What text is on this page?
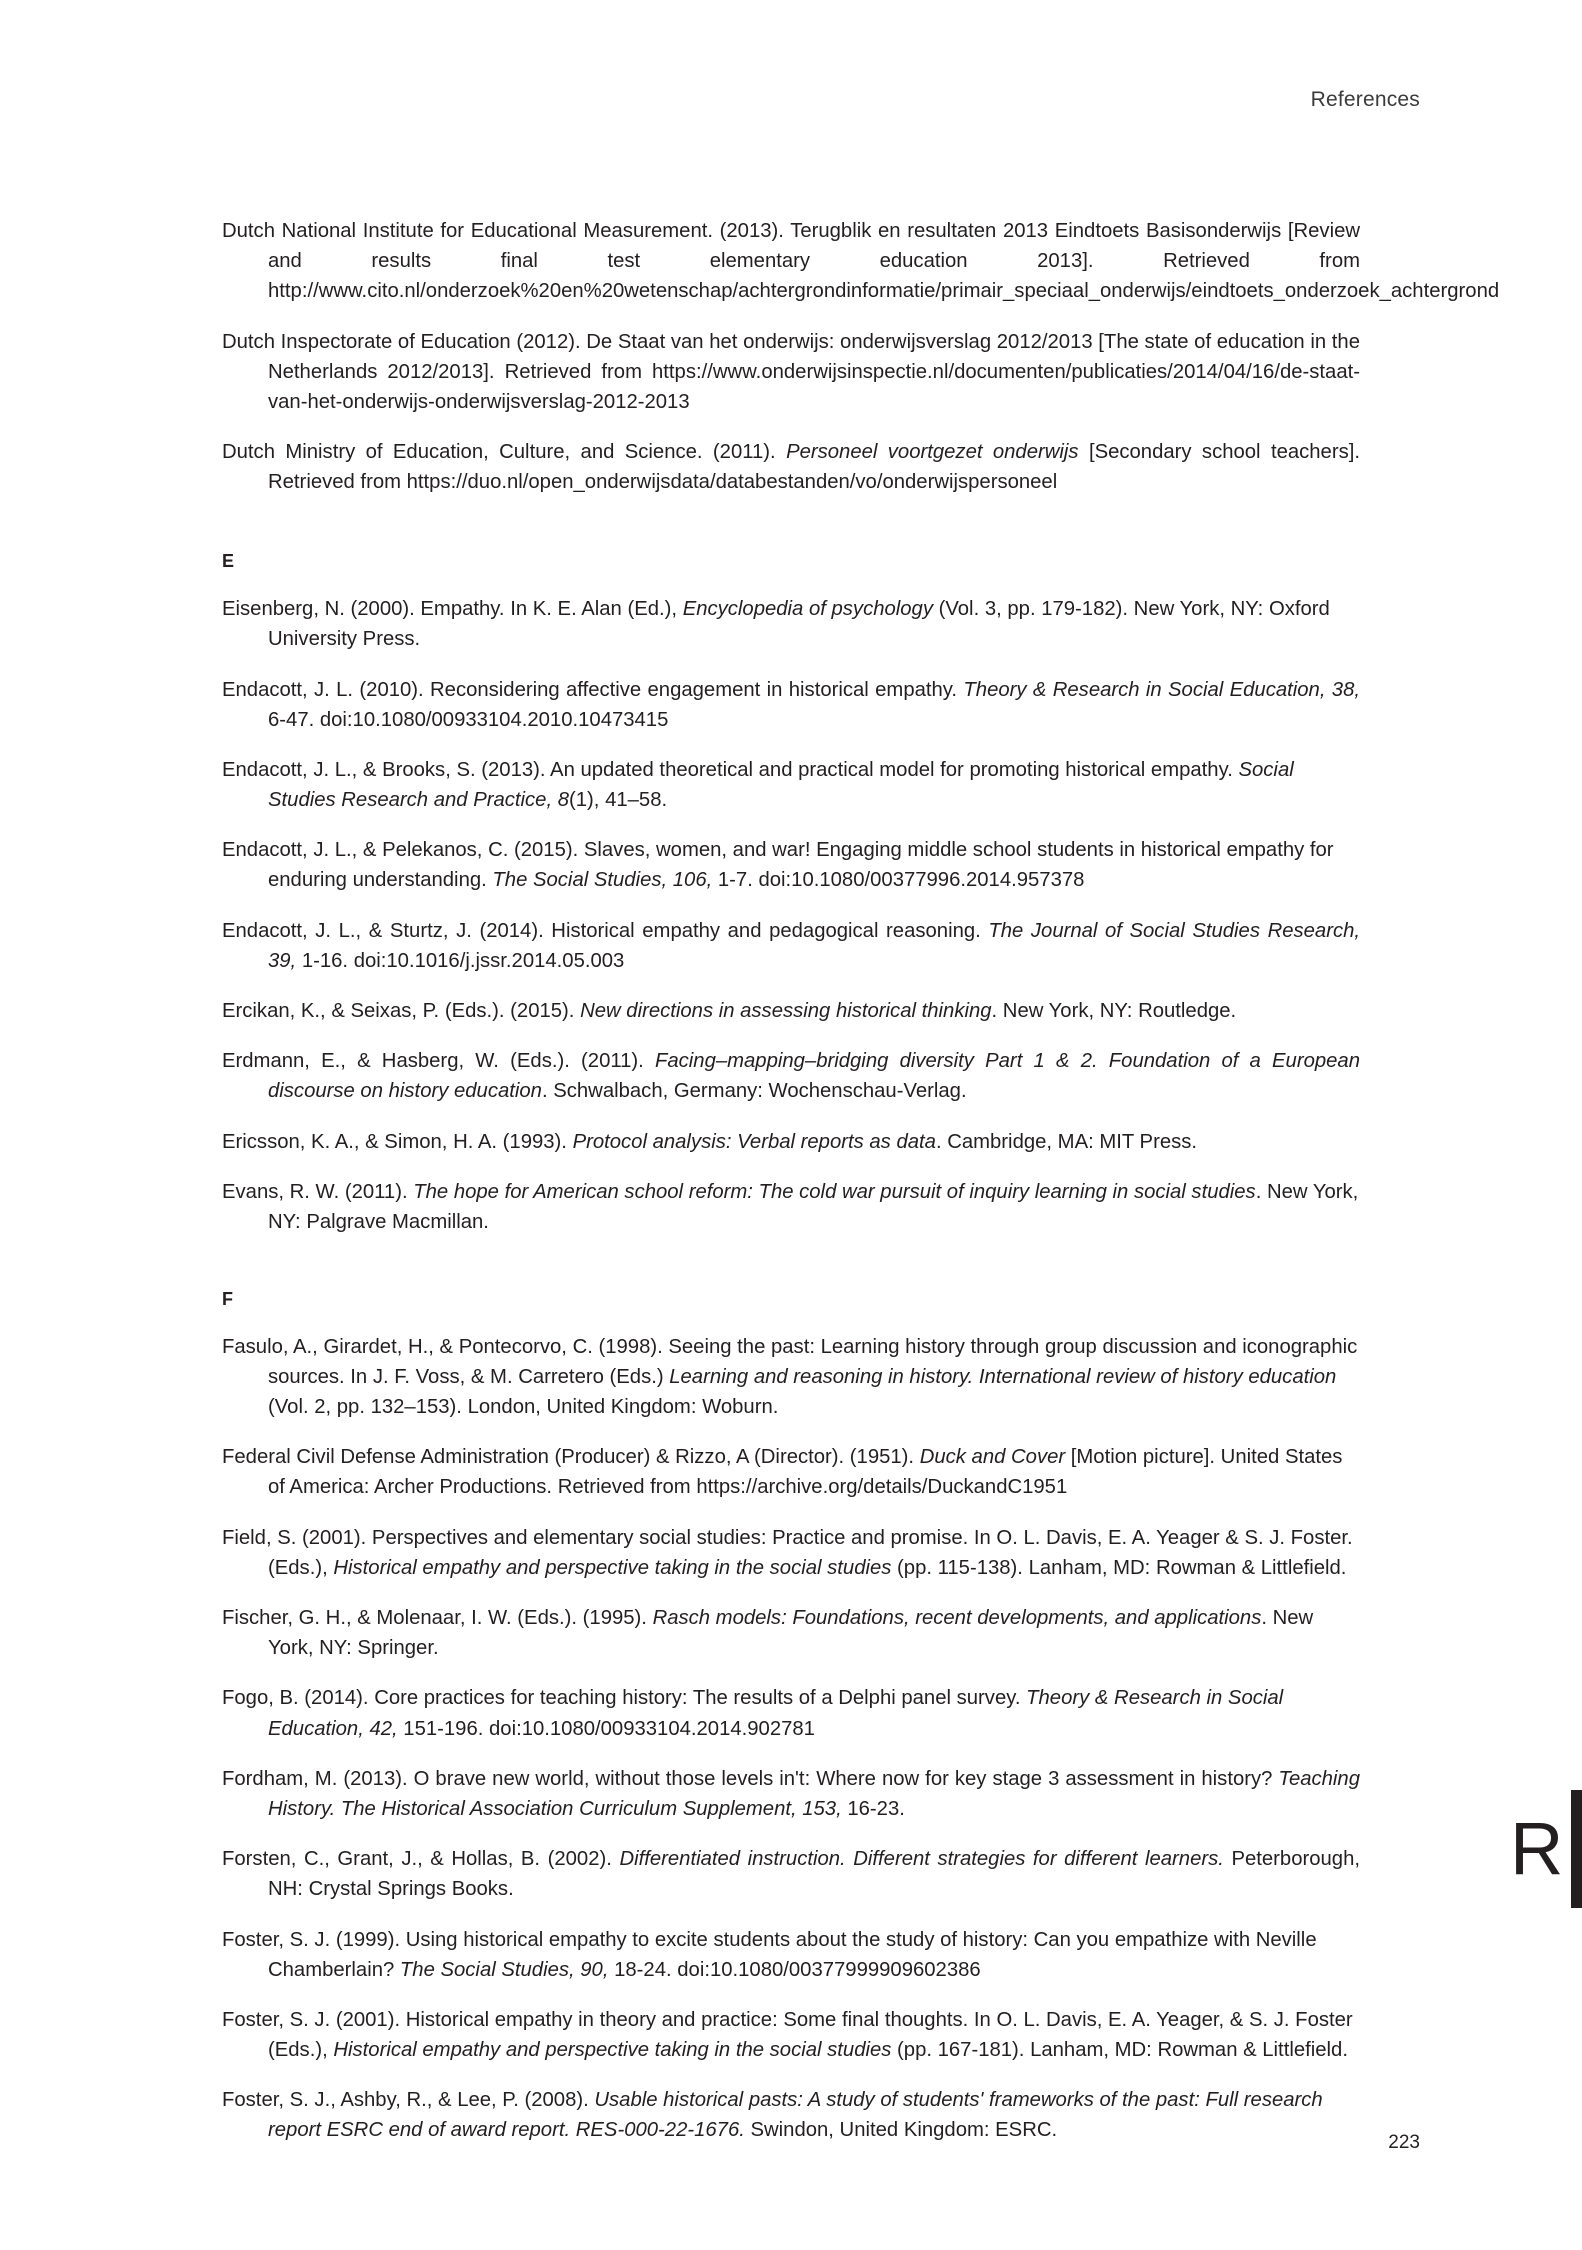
References

Dutch National Institute for Educational Measurement. (2013). Terugblik en resultaten 2013 Eindtoets Basisonderwijs [Review and results final test elementary education 2013]. Retrieved from http://www.cito.nl/onderzoek%20en%20wetenschap/achtergrondinformatie/primair_speciaal_onderwijs/eindtoets_onderzoek_achtergrond

Dutch Inspectorate of Education (2012). De Staat van het onderwijs: onderwijsverslag 2012/2013 [The state of education in the Netherlands 2012/2013]. Retrieved from https://www.onderwijsinspectie.nl/documenten/publicaties/2014/04/16/de-staat-van-het-onderwijs-onderwijsverslag-2012-2013

Dutch Ministry of Education, Culture, and Science. (2011). Personeel voortgezet onderwijs [Secondary school teachers]. Retrieved from https://duo.nl/open_onderwijsdata/databestanden/vo/onderwijspersoneel

E

Eisenberg, N. (2000). Empathy. In K. E. Alan (Ed.), Encyclopedia of psychology (Vol. 3, pp. 179-182). New York, NY: Oxford University Press.

Endacott, J. L. (2010). Reconsidering affective engagement in historical empathy. Theory & Research in Social Education, 38, 6-47. doi:10.1080/00933104.2010.10473415

Endacott, J. L., & Brooks, S. (2013). An updated theoretical and practical model for promoting historical empathy. Social Studies Research and Practice, 8(1), 41–58.

Endacott, J. L., & Pelekanos, C. (2015). Slaves, women, and war! Engaging middle school students in historical empathy for enduring understanding. The Social Studies, 106, 1-7. doi:10.1080/00377996.2014.957378

Endacott, J. L., & Sturtz, J. (2014). Historical empathy and pedagogical reasoning. The Journal of Social Studies Research, 39, 1-16. doi:10.1016/j.jssr.2014.05.003

Ercikan, K., & Seixas, P. (Eds.). (2015). New directions in assessing historical thinking. New York, NY: Routledge.

Erdmann, E., & Hasberg, W. (Eds.). (2011). Facing–mapping–bridging diversity Part 1 & 2. Foundation of a European discourse on history education. Schwalbach, Germany: Wochenschau-Verlag.

Ericsson, K. A., & Simon, H. A. (1993). Protocol analysis: Verbal reports as data. Cambridge, MA: MIT Press.

Evans, R. W. (2011). The hope for American school reform: The cold war pursuit of inquiry learning in social studies. New York, NY: Palgrave Macmillan.

F

Fasulo, A., Girardet, H., & Pontecorvo, C. (1998). Seeing the past: Learning history through group discussion and iconographic sources. In J. F. Voss, & M. Carretero (Eds.) Learning and reasoning in history. International review of history education (Vol. 2, pp. 132–153). London, United Kingdom: Woburn.

Federal Civil Defense Administration (Producer) & Rizzo, A (Director). (1951). Duck and Cover [Motion picture]. United States of America: Archer Productions. Retrieved from https://archive.org/details/DuckandC1951

Field, S. (2001). Perspectives and elementary social studies: Practice and promise. In O. L. Davis, E. A. Yeager & S. J. Foster. (Eds.), Historical empathy and perspective taking in the social studies (pp. 115-138). Lanham, MD: Rowman & Littlefield.

Fischer, G. H., & Molenaar, I. W. (Eds.). (1995). Rasch models: Foundations, recent developments, and applications. New York, NY: Springer.

Fogo, B. (2014). Core practices for teaching history: The results of a Delphi panel survey. Theory & Research in Social Education, 42, 151-196. doi:10.1080/00933104.2014.902781

Fordham, M. (2013). O brave new world, without those levels in't: Where now for key stage 3 assessment in history? Teaching History. The Historical Association Curriculum Supplement, 153, 16-23.

Forsten, C., Grant, J., & Hollas, B. (2002). Differentiated instruction. Different strategies for different learners. Peterborough, NH: Crystal Springs Books.

Foster, S. J. (1999). Using historical empathy to excite students about the study of history: Can you empathize with Neville Chamberlain? The Social Studies, 90, 18-24. doi:10.1080/00377999909602386

Foster, S. J. (2001). Historical empathy in theory and practice: Some final thoughts. In O. L. Davis, E. A. Yeager, & S. J. Foster (Eds.), Historical empathy and perspective taking in the social studies (pp. 167-181). Lanham, MD: Rowman & Littlefield.

Foster, S. J., Ashby, R., & Lee, P. (2008). Usable historical pasts: A study of students' frameworks of the past: Full research report ESRC end of award report. RES-000-22-1676. Swindon, United Kingdom: ESRC.

R
223
